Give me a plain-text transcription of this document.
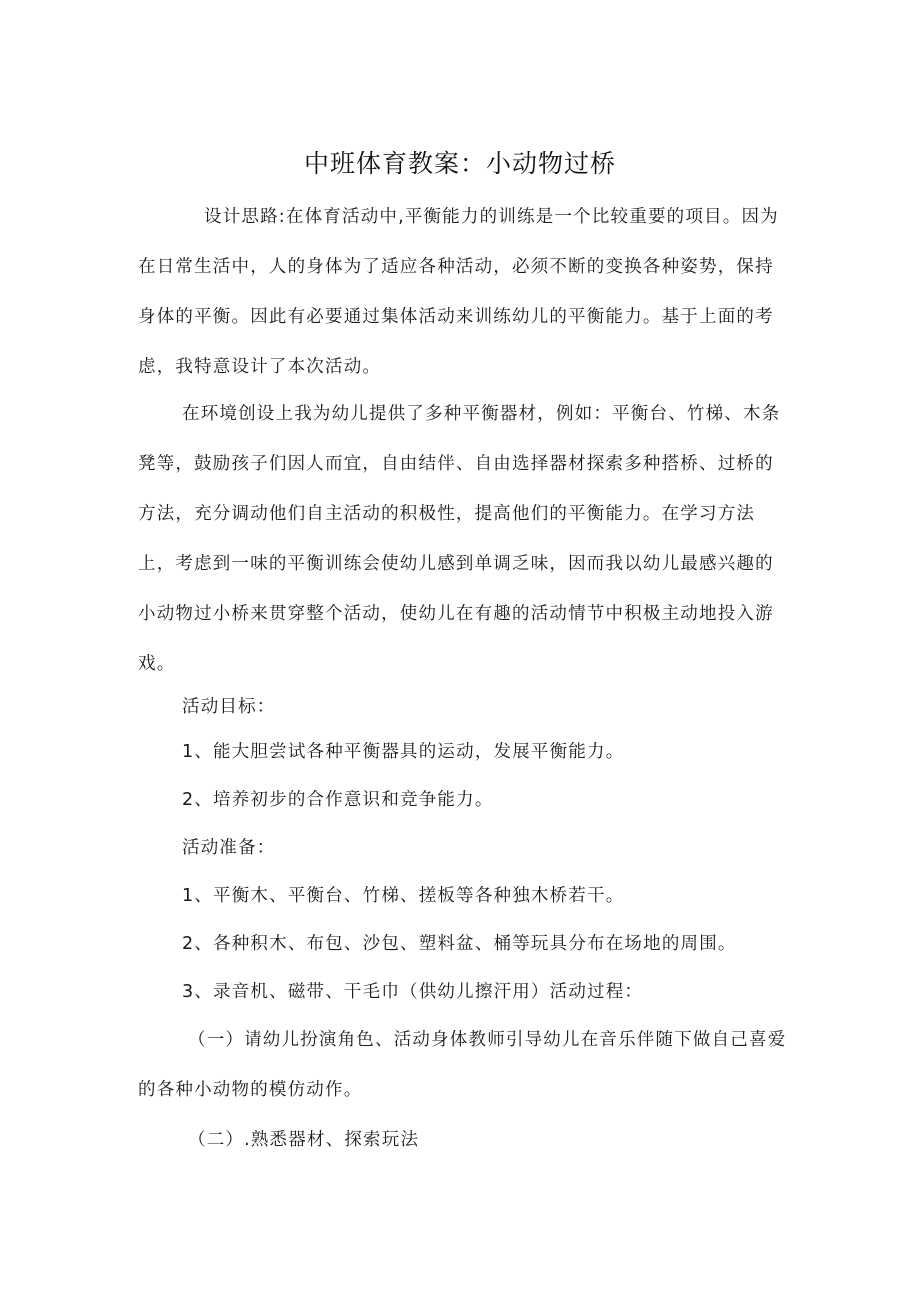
中班体育教案：小动物过桥

设计思路:在体育活动中,平衡能力的训练是一个比较重要的项目。因为在日常生活中，人的身体为了适应各种活动，必须不断的变换各种姿势，保持身体的平衡。因此有必要通过集体活动来训练幼儿的平衡能力。基于上面的考虑，我特意设计了本次活动。

在环境创设上我为幼儿提供了多种平衡器材，例如：平衡台、竹梯、木条凳等，鼓励孩子们因人而宜，自由结伴、自由选择器材探索多种搭桥、过桥的方法，充分调动他们自主活动的积极性，提高他们的平衡能力。在学习方法上，考虑到一味的平衡训练会使幼儿感到单调乏味，因而我以幼儿最感兴趣的小动物过小桥来贯穿整个活动，使幼儿在有趣的活动情节中积极主动地投入游戏。

活动目标：

1、能大胆尝试各种平衡器具的运动，发展平衡能力。

2、培养初步的合作意识和竞争能力。

活动准备：

1、平衡木、平衡台、竹梯、搓板等各种独木桥若干。

2、各种积木、布包、沙包、塑料盆、桶等玩具分布在场地的周围。

3、录音机、磁带、干毛巾（供幼儿擦汗用）活动过程：

（一）请幼儿扮演角色、活动身体教师引导幼儿在音乐伴随下做自己喜爱的各种小动物的模仿动作。

（二）.熟悉器材、探索玩法
